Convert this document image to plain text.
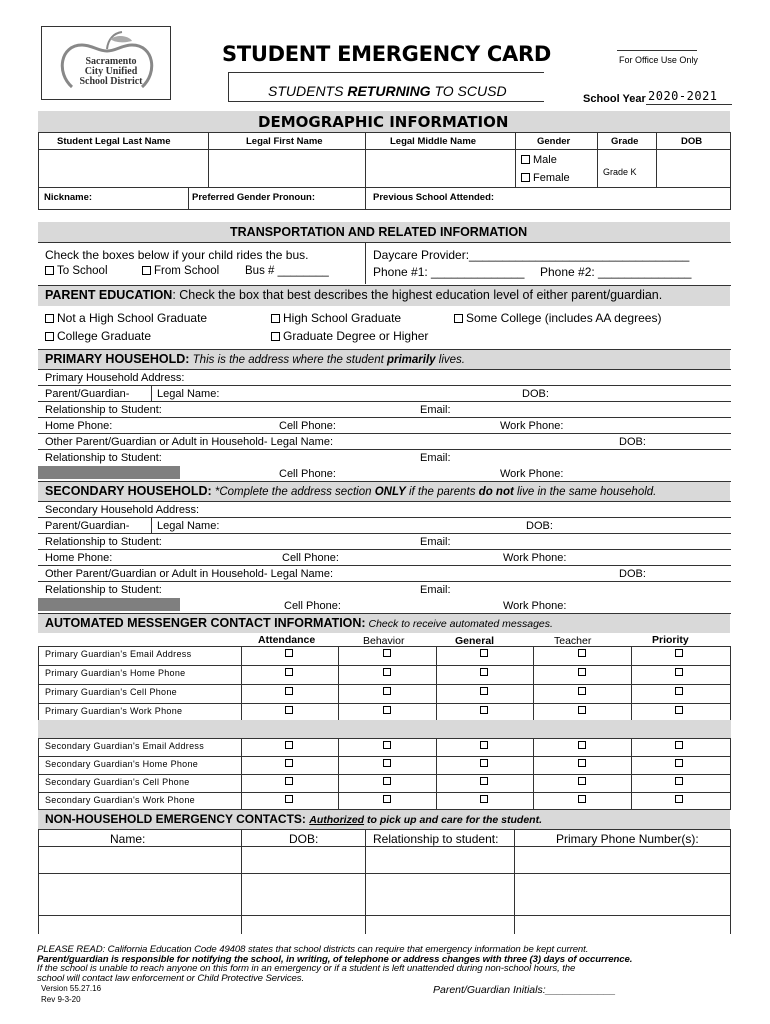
Sacramento
City Unified
School District
STUDENT EMERGENCY CARD
STUDENTS RETURNING TO SCUSD
For Office Use Only
School Year 2020-2021
DEMOGRAPHIC INFORMATION
Student Legal Last Name	Legal First Name	Legal Middle Name	Gender	Grade	DOB
Male
Female	Grade K
Nickname:	Preferred Gender Pronoun:	Previous School Attended:
TRANSPORTATION AND RELATED INFORMATION
Check the boxes below if your child rides the bus.
To School	From School Bus # ________
Daycare Provider:_________________________________
Phone #1: ______________ Phone #2: ______________
PARENT EDUCATION: Check the box that best describes the highest education level of either parent/guardian.
Not a High School Graduate	High School Graduate	Some College (includes AA degrees)
College Graduate	Graduate Degree or Higher
PRIMARY HOUSEHOLD: This is the address where the student primarily lives.
Primary Household Address:
Parent/Guardian-	Legal Name:	DOB:
Relationship to Student:	Email:
Home Phone:	Cell Phone:	Work Phone:
Other Parent/Guardian or Adult in Household- Legal Name:	DOB:
Relationship to Student:	Email:
Cell Phone:	Work Phone:
SECONDARY HOUSEHOLD: *Complete the address section ONLY if the parents do not live in the same household.
Secondary Household Address:
Parent/Guardian-	Legal Name:	DOB:
Relationship to Student:	Email:
Home Phone:	Cell Phone:	Work Phone:
Other Parent/Guardian or Adult in Household- Legal Name:	DOB:
Relationship to Student:	Email:
Cell Phone:	Work Phone:
AUTOMATED MESSENGER CONTACT INFORMATION: Check to receive automated messages.
Attendance	Behavior	General	Teacher	Priority
Primary Guardian's Email Address
Primary Guardian's Home Phone
Primary Guardian's Cell Phone
Primary Guardian's Work Phone
Secondary Guardian's Email Address
Secondary Guardian's Home Phone
Secondary Guardian's Cell Phone
Secondary Guardian's Work Phone
NON-HOUSEHOLD EMERGENCY CONTACTS: Authorized to pick up and care for the student.
Name:	DOB:	Relationship to student:	Primary Phone Number(s):
PLEASE READ: California Education Code 49408 states that school districts can require that emergency information be kept current.
Parent/guardian is responsible for notifying the school, in writing, of telephone or address changes with three (3) days of occurrence.
If the school is unable to reach anyone on this form in an emergency or if a student is left unattended during non-school hours, the
school will contact law enforcement or Child Protective Services.
Version 55.27.16
Rev 9-3-20
Parent/Guardian Initials:____________
